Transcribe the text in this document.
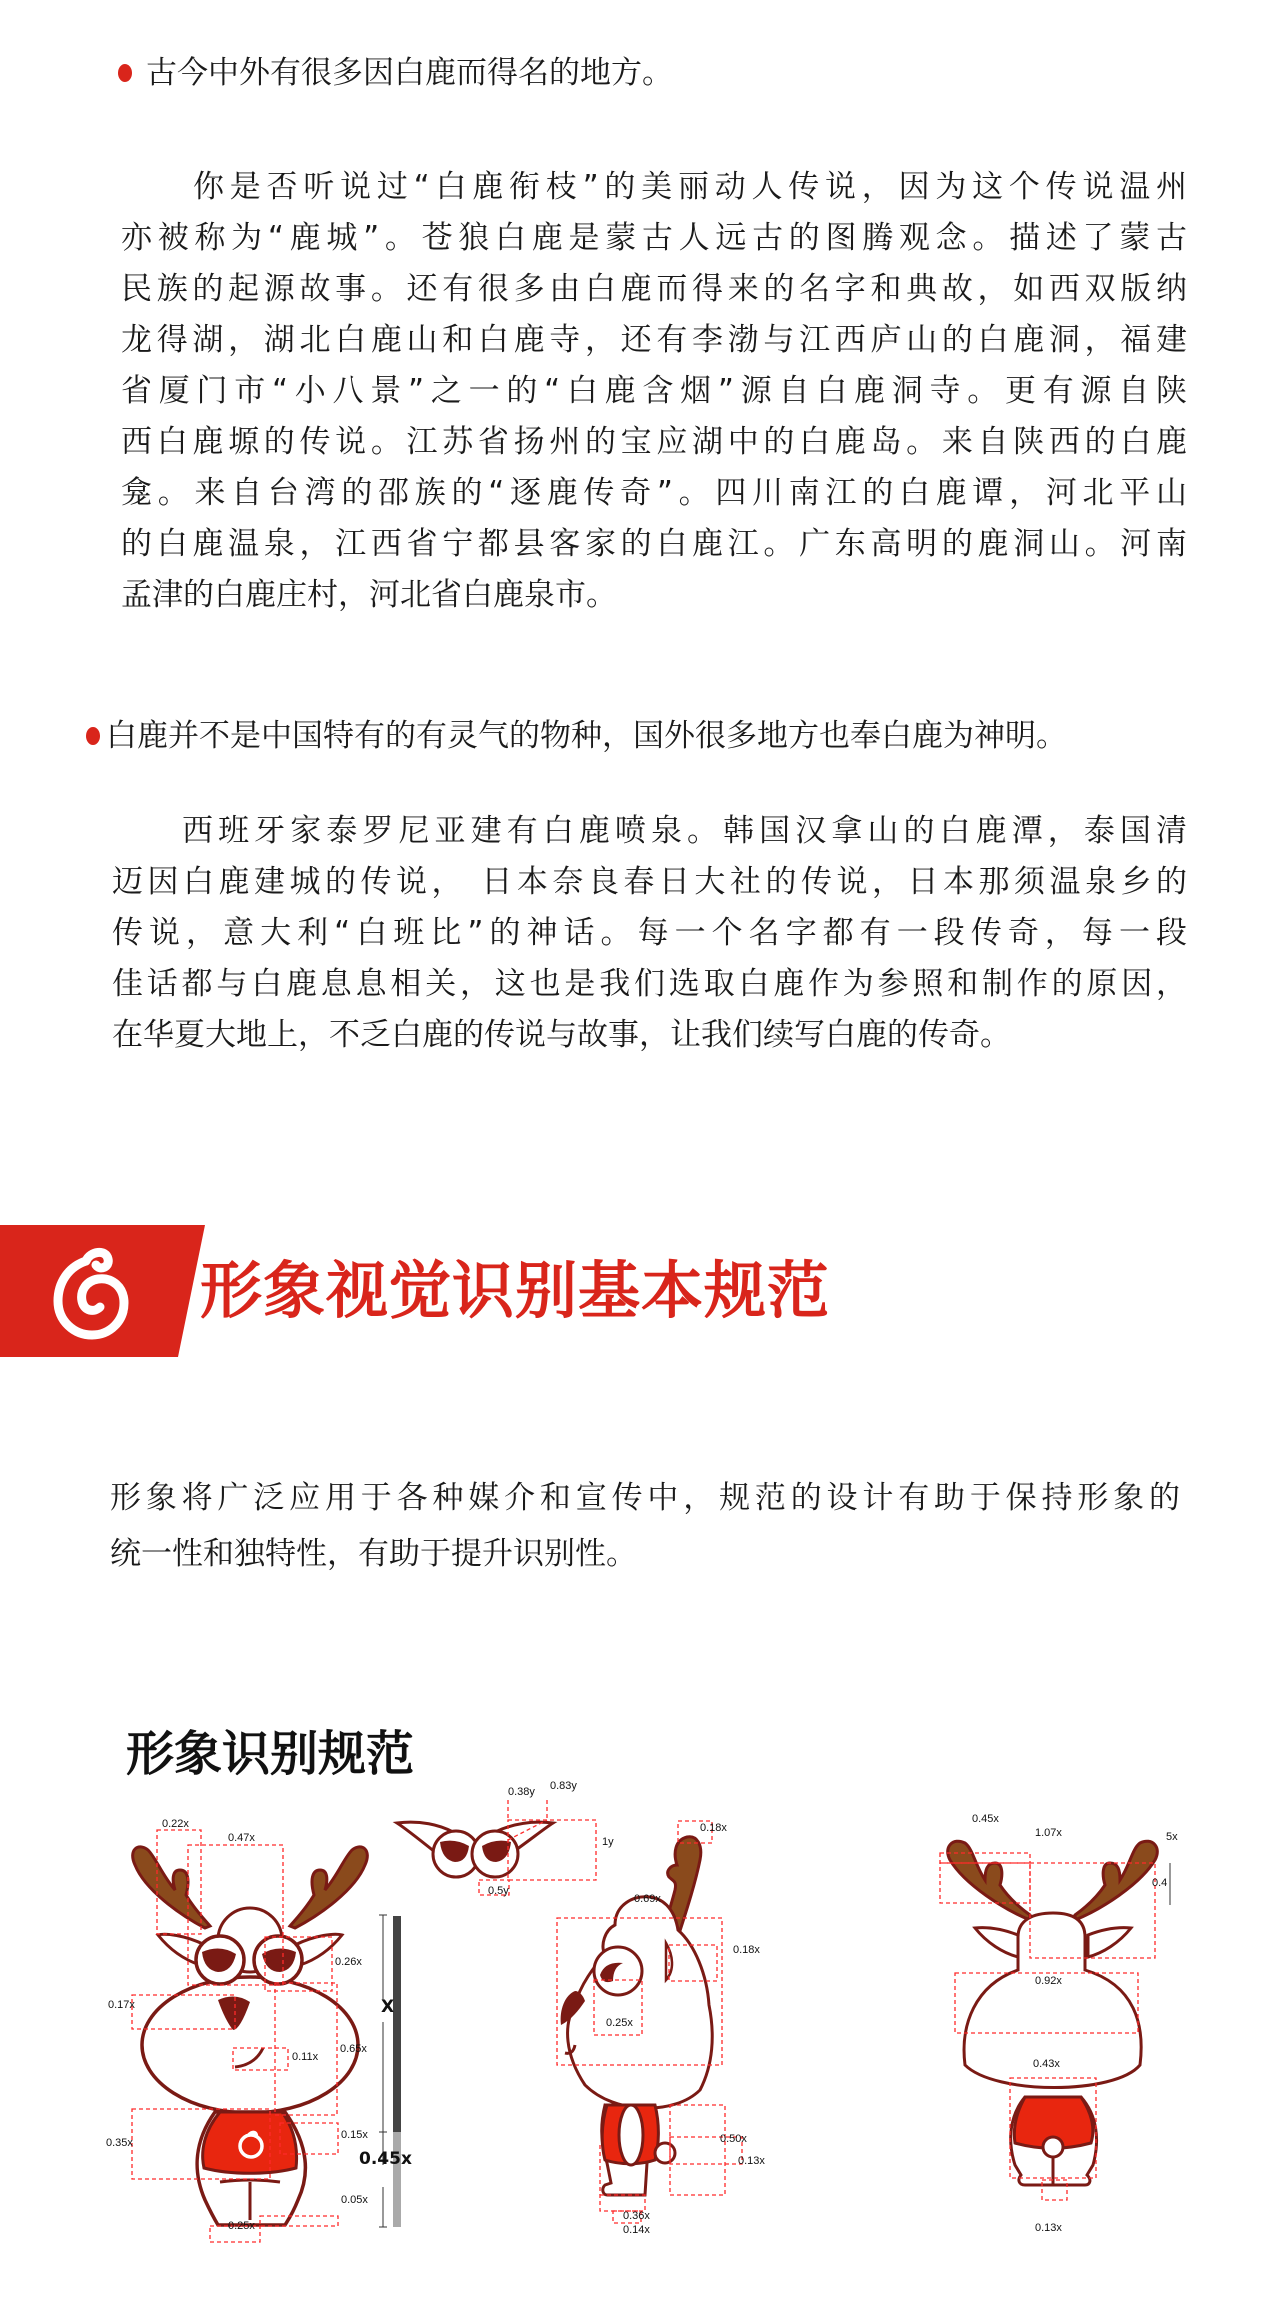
古今中外有很多因白鹿而得名的地方。
你是否听说过“白鹿衔枝”的美丽动人传说，因为这个传说温州
亦被称为“鹿城”。苍狼白鹿是蒙古人远古的图腾观念。描述了蒙古
民族的起源故事。还有很多由白鹿而得来的名字和典故，如西双版纳
龙得湖，湖北白鹿山和白鹿寺，还有李渤与江西庐山的白鹿洞，福建
省厦门市“小八景”之一的“白鹿含烟”源自白鹿洞寺。更有源自陕
西白鹿塬的传说。江苏省扬州的宝应湖中的白鹿岛。来自陕西的白鹿
龛。来自台湾的邵族的“逐鹿传奇”。四川南江的白鹿谭，河北平山
的白鹿温泉，江西省宁都县客家的白鹿江。广东高明的鹿洞山。河南
孟津的白鹿庄村，河北省白鹿泉市。
白鹿并不是中国特有的有灵气的物种，国外很多地方也奉白鹿为神明。
西班牙家泰罗尼亚建有白鹿喷泉。韩国汉拿山的白鹿潭，泰国清
迈因白鹿建城的传说， 日本奈良春日大社的传说，日本那须温泉乡的
传说，意大利“白班比”的神话。每一个名字都有一段传奇，每一段
佳话都与白鹿息息相关，这也是我们选取白鹿作为参照和制作的原因，
在华夏大地上，不乏白鹿的传说与故事，让我们续写白鹿的传奇。
形象视觉识别基本规范
形象将广泛应用于各种媒介和宣传中，规范的设计有助于保持形象的
统一性和独特性，有助于提升识别性。
形象识别规范
0.22x
0.47x
0.26x
0.17x
0.11x
0.65x
0.35x
0.15x
0.05x
0.25x
X
0.45x
0.38y 0.83y
1y
0.5y
0.18x
0.69x
0.18x
0.25x
0.50x
0.13x
0.36x
0.14x
0.45x
1.07x	5x
0.4
0.92x
0.43x
0.13x
